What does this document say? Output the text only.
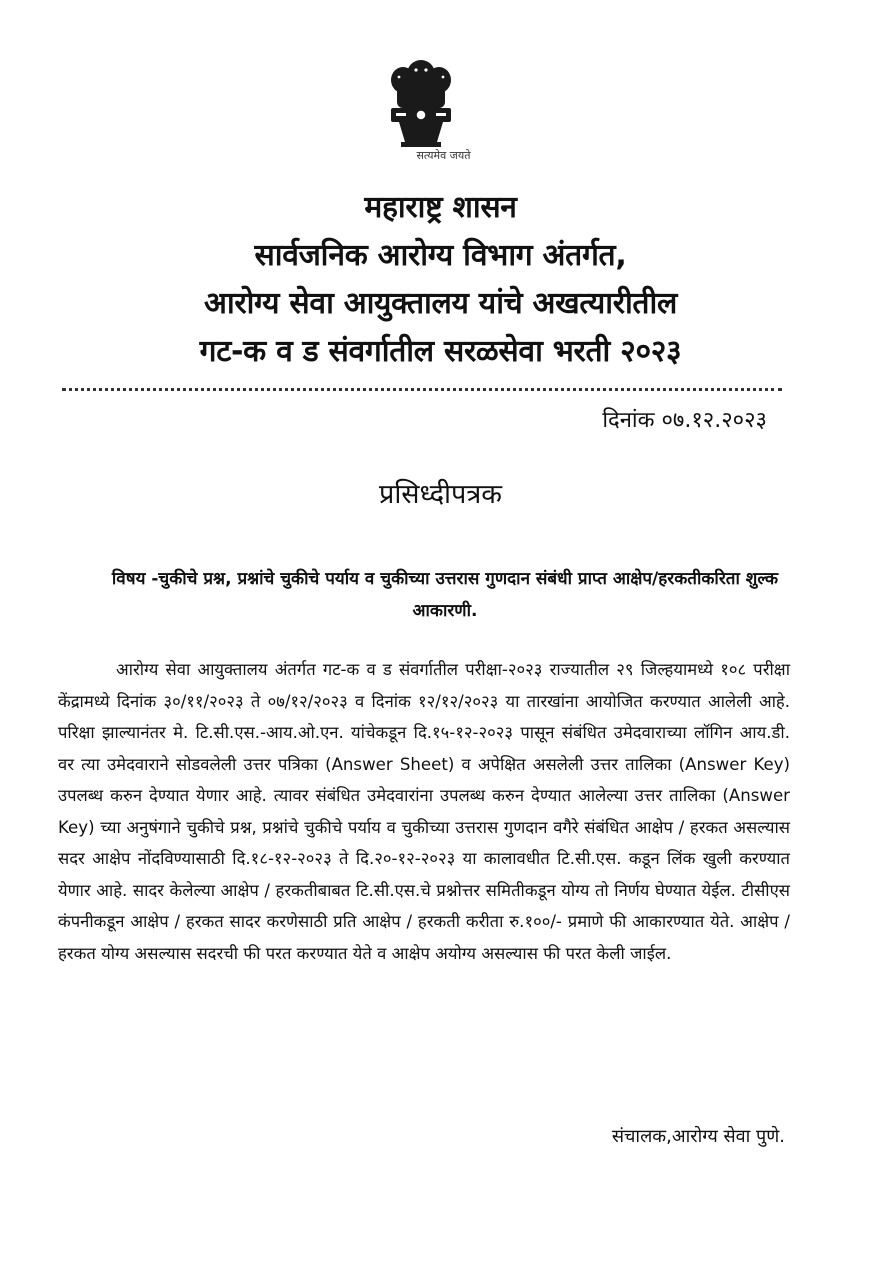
सत्यमेव जयते
महाराष्ट्र शासन
सार्वजनिक आरोग्य विभाग अंतर्गत,
आरोग्य सेवा आयुक्तालय यांचे अखत्यारीतील
गट-क व ड संवर्गातील सरळसेवा भरती २०२३
दिनांक ०७.१२.२०२३
प्रसिध्दीपत्रक
विषय -चुकीचे प्रश्न, प्रश्नांचे चुकीचे पर्याय व चुकीच्या उत्तरास गुणदान संबंधी प्राप्त आक्षेप/हरकतीकरिता शुल्क आकारणी.
आरोग्य सेवा आयुक्तालय अंतर्गत गट-क व ड संवर्गातील परीक्षा-२०२३ राज्यातील २९ जिल्हयामध्ये १०८ परीक्षा केंद्रामध्ये दिनांक ३०/११/२०२३ ते ०७/१२/२०२३ व दिनांक १२/१२/२०२३ या तारखांना आयोजित करण्यात आलेली आहे. परिक्षा झाल्यानंतर मे. टि.सी.एस.-आय.ओ.एन. यांचेकडून दि.१५-१२-२०२३ पासून संबंधित उमेदवाराच्या लॉगिन आय.डी. वर त्या उमेदवाराने सोडवलेली उत्तर पत्रिका (Answer Sheet) व अपेक्षित असलेली उत्तर तालिका (Answer Key) उपलब्ध करुन देण्यात येणार आहे. त्यावर संबंधित उमेदवारांना उपलब्ध करुन देण्यात आलेल्या उत्तर तालिका (Answer Key) च्या अनुषंगाने चुकीचे प्रश्न, प्रश्नांचे चुकीचे पर्याय व चुकीच्या उत्तरास गुणदान वगैरे संबंधित आक्षेप / हरकत असल्यास सदर आक्षेप नोंदविण्यासाठी दि.१८-१२-२०२३ ते दि.२०-१२-२०२३ या कालावधीत टि.सी.एस. कडून लिंक खुली करण्यात येणार आहे. सादर केलेल्या आक्षेप / हरकतीबाबत टि.सी.एस.चे प्रश्नोत्तर समितीकडून योग्य तो निर्णय घेण्यात येईल. टीसीएस कंपनीकडून आक्षेप / हरकत सादर करणेसाठी प्रति आक्षेप / हरकती करीता रु.१००/- प्रमाणे फी आकारण्यात येते. आक्षेप / हरकत योग्य असल्यास सदरची फी परत करण्यात येते व आक्षेप अयोग्य असल्यास फी परत केली जाईल.
संचालक,आरोग्य सेवा पुणे.
